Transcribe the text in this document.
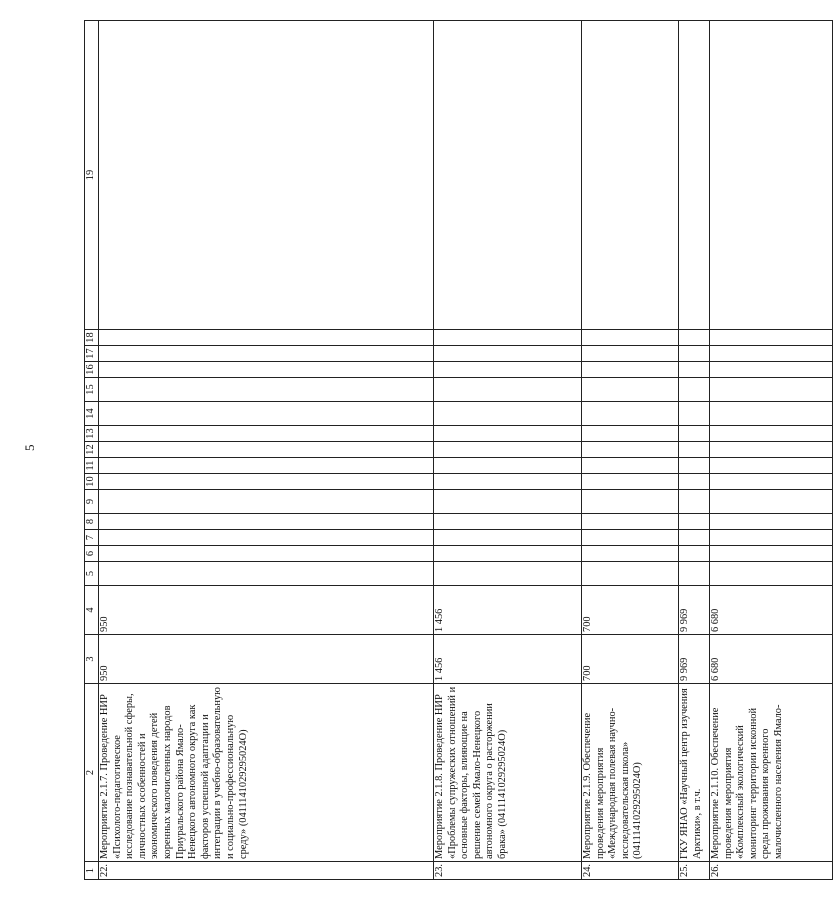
5
1	2	3	4	5	6	7	8	9	10	11	12	13	14	15	16	17	18	19
22.	Мероприятие 2.1.7. Проведение НИР «Психолого-педагогическое исследование познавательной сферы, личностных особенностей и экономического поведения детей коренных малочисленных народов Приуральского района Ямало-Ненецкого автономного округа как факторов успешной адаптации и интеграции в учебно-образовательную и социально-профессиональную среду» (0411141029295024O)	950	950															
23.	Мероприятие 2.1.8. Проведение НИР «Проблемы супружеских отношений и основные факторы, влияющие на решение семей Ямало-Ненецкого автономного округа о расторжении брака» (0411141029295024O)	1 456	1 456															
24.	Мероприятие 2.1.9. Обеспечение проведения мероприятия «Международная полевая научно-исследовательская школа» (0411141029295024O)	700	700															
25.	ГКУ ЯНАО «Научный центр изучения Арктики», в т.ч.	9 969	9 969															
26.	Мероприятие 2.1.10. Обеспечение проведения мероприятия «Комплексный экологический мониторинг территории исконной среды проживания коренного малочисленного населения Ямало-	6 680	6 680															
